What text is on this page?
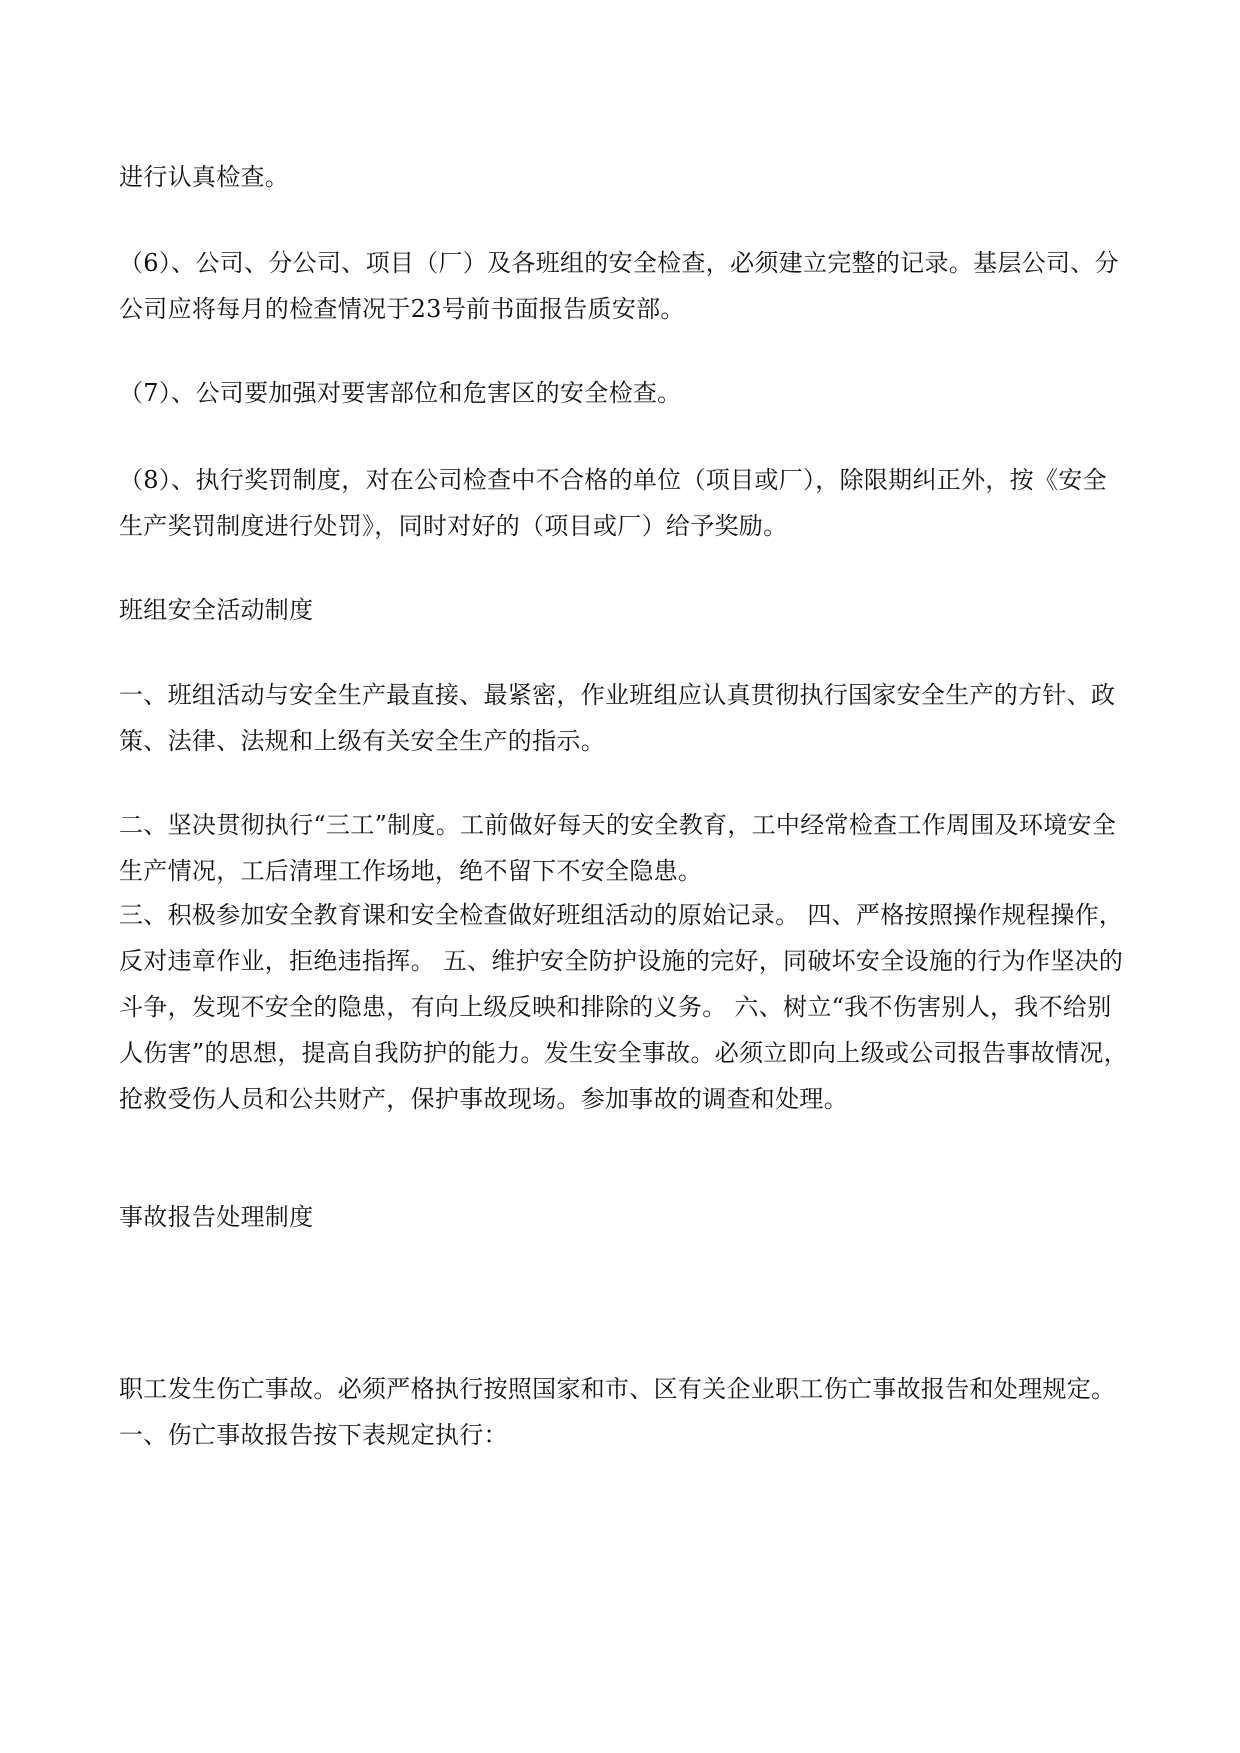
进行认真检查。

（6）、公司、分公司、项目（厂）及各班组的安全检查，必须建立完整的记录。基层公司、分公司应将每月的检查情况于23号前书面报告质安部。

（7）、公司要加强对要害部位和危害区的安全检查。

（8）、执行奖罚制度，对在公司检查中不合格的单位（项目或厂），除限期纠正外，按《安全生产奖罚制度进行处罚》，同时对好的（项目或厂）给予奖励。

班组安全活动制度

一、班组活动与安全生产最直接、最紧密，作业班组应认真贯彻执行国家安全生产的方针、政策、法律、法规和上级有关安全生产的指示。

二、坚决贯彻执行“三工”制度。工前做好每天的安全教育，工中经常检查工作周围及环境安全生产情况，工后清理工作场地，绝不留下不安全隐患。

三、积极参加安全教育课和安全检查做好班组活动的原始记录。 四、严格按照操作规程操作，反对违章作业，拒绝违指挥。 五、维护安全防护设施的完好，同破坏安全设施的行为作坚决的斗争，发现不安全的隐患，有向上级反映和排除的义务。 六、树立“我不伤害别人，我不给别人伤害”的思想，提高自我防护的能力。发生安全事故。必须立即向上级或公司报告事故情况，抢救受伤人员和公共财产，保护事故现场。参加事故的调查和处理。

事故报告处理制度

职工发生伤亡事故。必须严格执行按照国家和市、区有关企业职工伤亡事故报告和处理规定。

一、伤亡事故报告按下表规定执行：
